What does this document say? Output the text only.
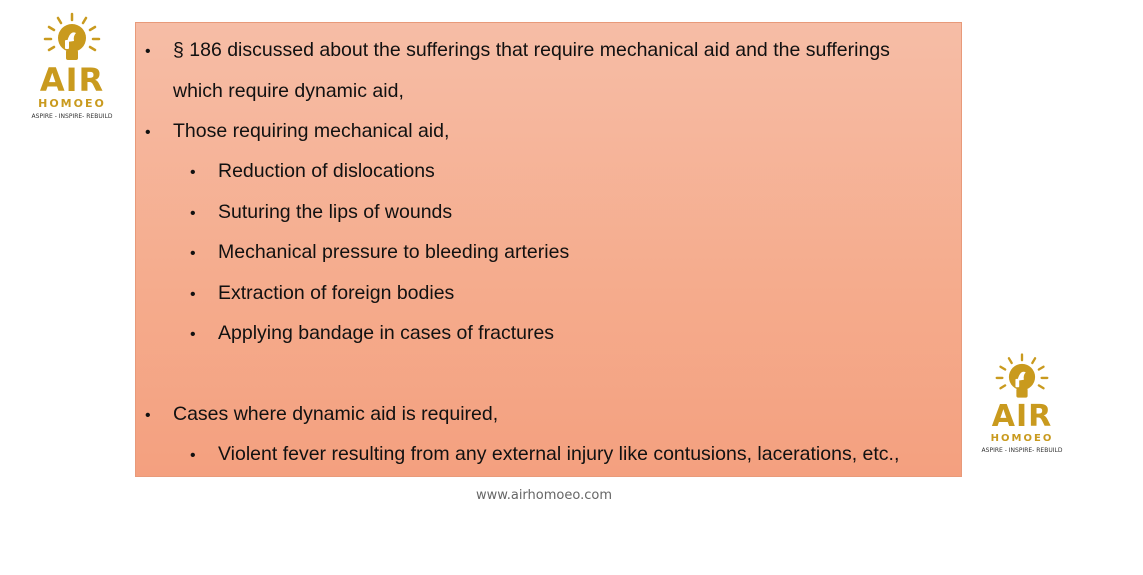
AIR
HOMOEO
ASPIRE - INSPIRE- REBUILD
• § 186 discussed about the sufferings that require mechanical aid and the sufferings
which require dynamic aid,
• Those requiring mechanical aid,
• Reduction of dislocations
• Suturing the lips of wounds
• Mechanical pressure to bleeding arteries
• Extraction of foreign bodies
• Applying bandage in cases of fractures
• Cases where dynamic aid is required,
• Violent fever resulting from any external injury like contusions, lacerations, etc.,
AIR
HOMOEO
ASPIRE - INSPIRE- REBUILD
www.airhomoeo.com
